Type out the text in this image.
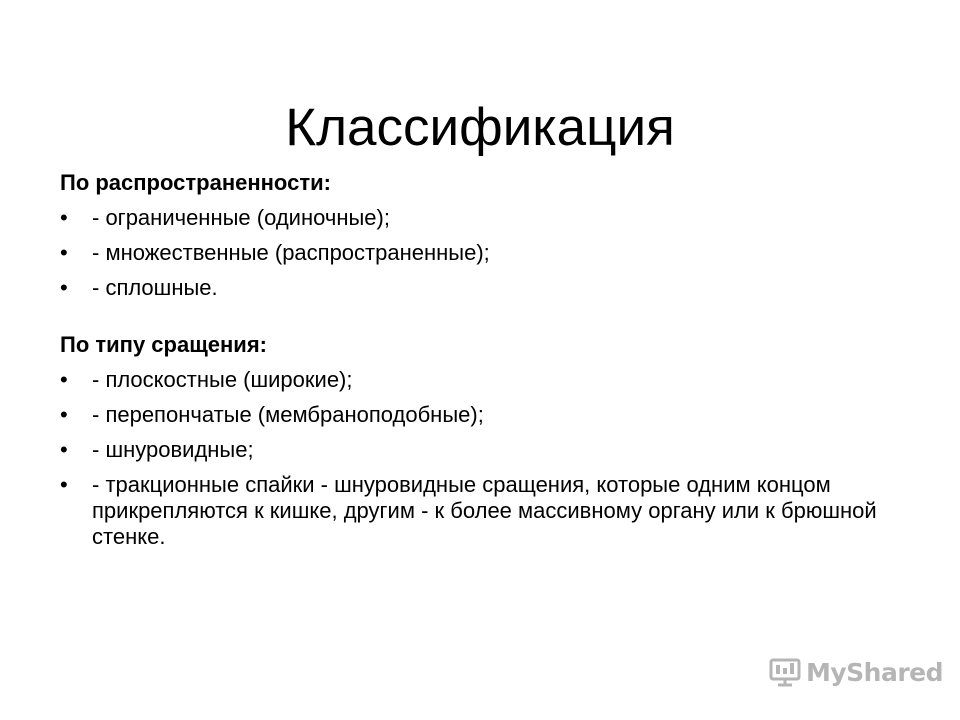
Классификация
По распространенности:
• - ограниченные (одиночные);
• - множественные (распространенные);
• - сплошные.
По типу сращения:
• - плоскостные (широкие);
• - перепончатые (мембраноподобные);
• - шнуровидные;
• - тракционные спайки - шнуровидные сращения, которые одним концом прикрепляются к кишке, другим - к более массивному органу или к брюшной стенке.
MyShared
